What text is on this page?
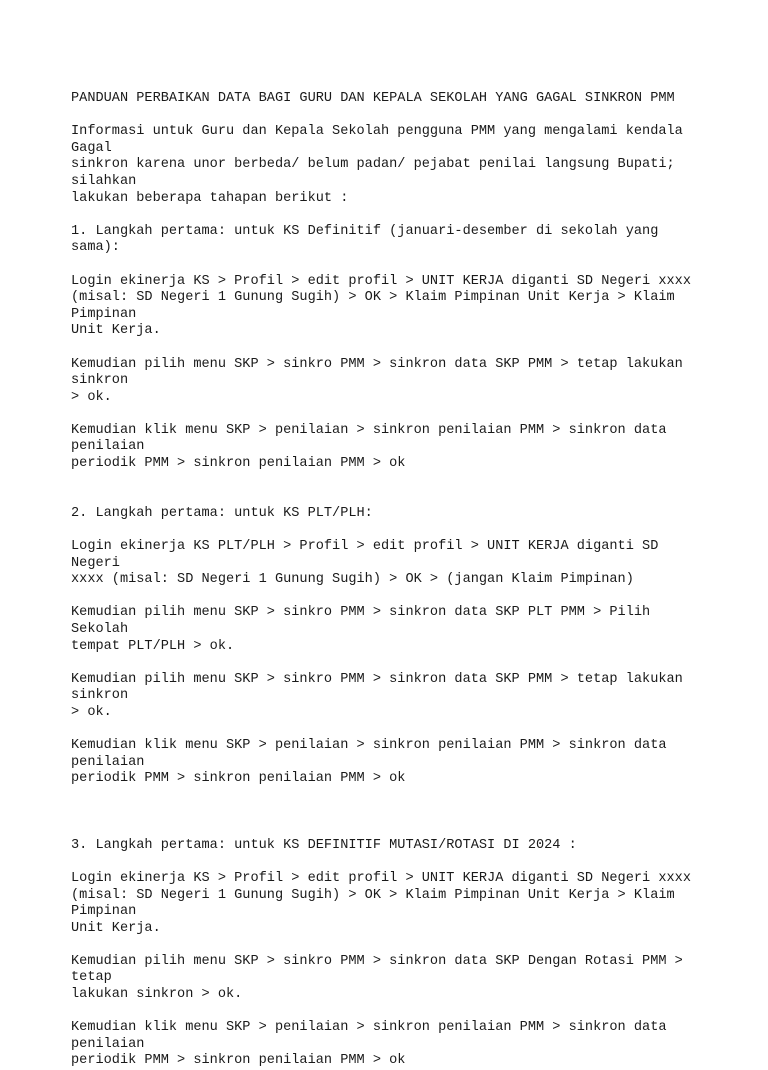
PANDUAN PERBAIKAN DATA BAGI GURU DAN KEPALA SEKOLAH YANG GAGAL SINKRON PMM

Informasi untuk Guru dan Kepala Sekolah pengguna PMM yang mengalami kendala Gagal
sinkron karena unor berbeda/ belum padan/ pejabat penilai langsung Bupati; silahkan
lakukan beberapa tahapan berikut :

1. Langkah pertama: untuk KS Definitif (januari-desember di sekolah yang sama):

Login ekinerja KS > Profil > edit profil > UNIT KERJA diganti SD Negeri xxxx
(misal: SD Negeri 1 Gunung Sugih) > OK > Klaim Pimpinan Unit Kerja > Klaim Pimpinan
Unit Kerja.

Kemudian pilih menu SKP > sinkro PMM > sinkron data SKP PMM > tetap lakukan sinkron
> ok.

Kemudian klik menu SKP > penilaian > sinkron penilaian PMM > sinkron data penilaian
periodik PMM > sinkron penilaian PMM > ok

2. Langkah pertama: untuk KS PLT/PLH:

Login ekinerja KS PLT/PLH > Profil > edit profil > UNIT KERJA diganti SD Negeri
xxxx (misal: SD Negeri 1 Gunung Sugih) > OK > (jangan Klaim Pimpinan)

Kemudian pilih menu SKP > sinkro PMM > sinkron data SKP PLT PMM > Pilih Sekolah
tempat PLT/PLH > ok.

Kemudian pilih menu SKP > sinkro PMM > sinkron data SKP PMM > tetap lakukan sinkron
> ok.

Kemudian klik menu SKP > penilaian > sinkron penilaian PMM > sinkron data penilaian
periodik PMM > sinkron penilaian PMM > ok

3. Langkah pertama: untuk KS DEFINITIF MUTASI/ROTASI DI 2024 :

Login ekinerja KS > Profil > edit profil > UNIT KERJA diganti SD Negeri xxxx
(misal: SD Negeri 1 Gunung Sugih) > OK > Klaim Pimpinan Unit Kerja > Klaim Pimpinan
Unit Kerja.

Kemudian pilih menu SKP > sinkro PMM > sinkron data SKP Dengan Rotasi PMM > tetap
lakukan sinkron > ok.

Kemudian klik menu SKP > penilaian > sinkron penilaian PMM > sinkron data penilaian
periodik PMM > sinkron penilaian PMM > ok
